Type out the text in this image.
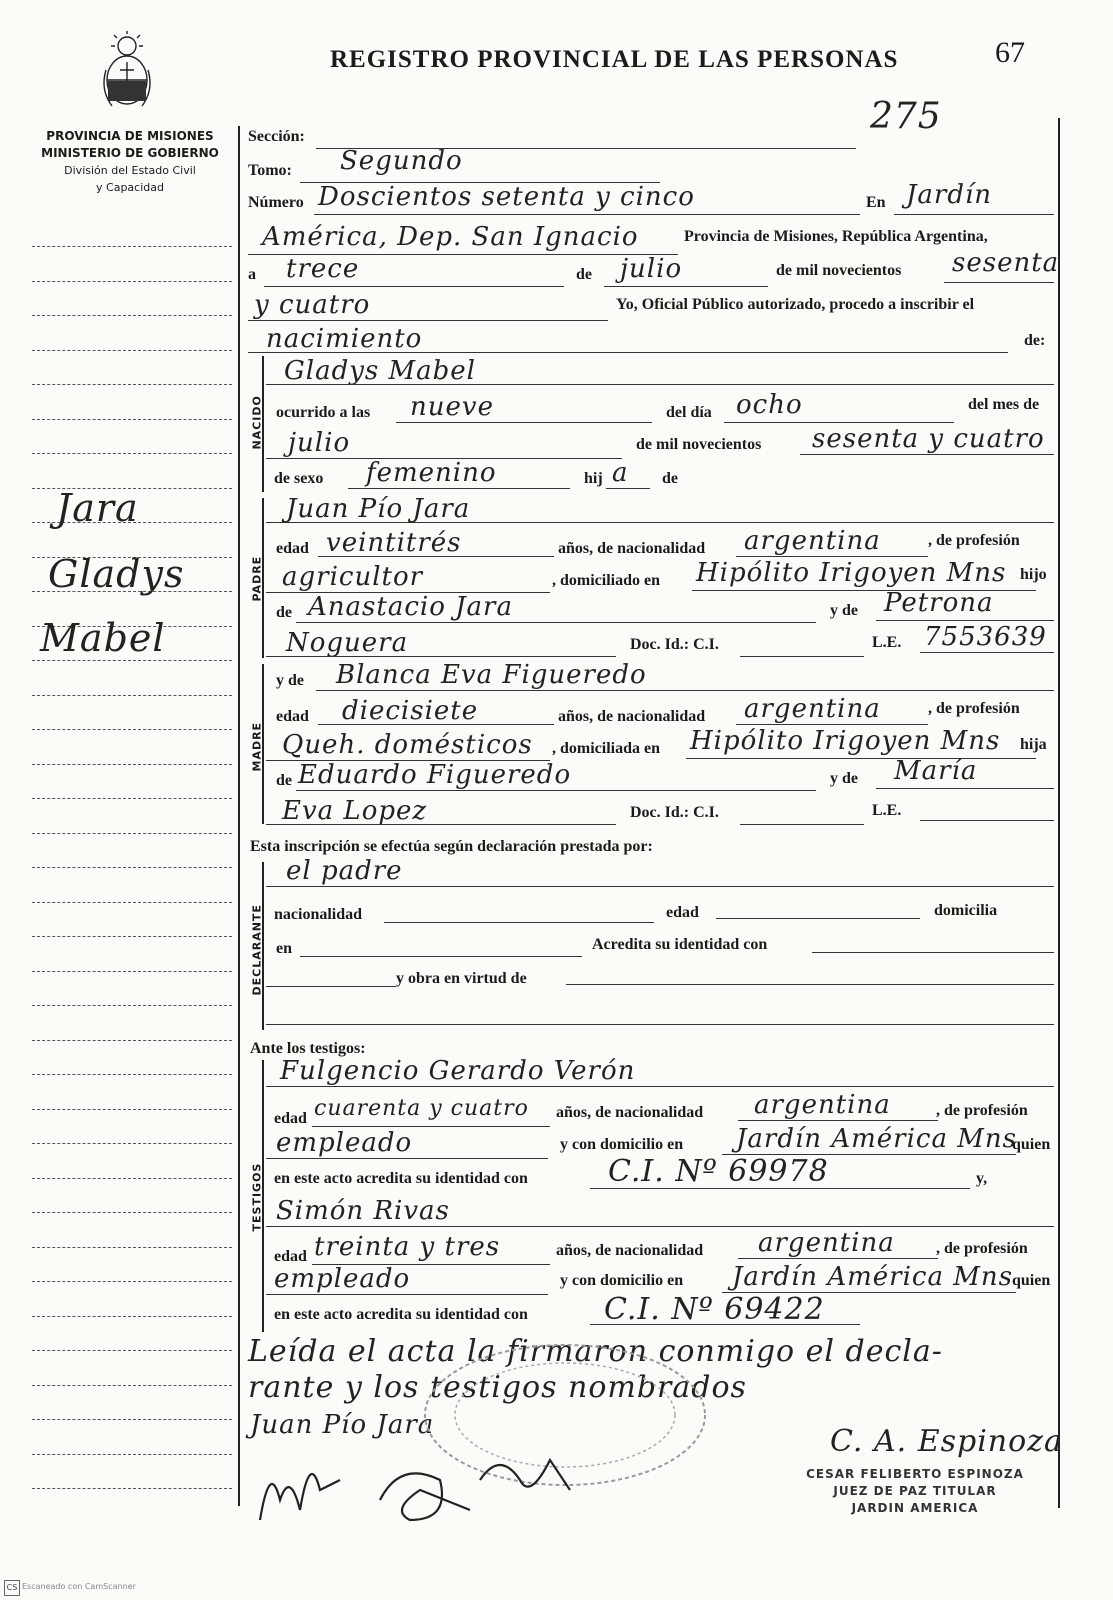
REGISTRO PROVINCIAL DE LAS PERSONAS	67
275
PROVINCIA DE MISIONES
MINISTERIO DE GOBIERNO
División del Estado Civil
y Capacidad
Jara
Gladys
Mabel
NACIDO
PADRE
MADRE
DECLARANTE
TESTIGOS
Sección:
Tomo: Segundo
Número Doscientos setenta y cinco	En Jardín
América, Dep. San Ignacio	Provincia de Misiones, República Argentina,
a trece	de julio	de mil novecientos sesenta
y cuatro	Yo, Oficial Público autorizado, procedo a inscribir el
nacimiento	de:
Gladys Mabel
ocurrido a las nueve	del día ocho	del mes de
julio	de mil novecientos sesenta y cuatro
de sexo femenino	hij a de
Juan Pío Jara
edad veintitrés	años, de nacionalidad argentina	, de profesión
agricultor	, domiciliado en Hipólito Irigoyen Mns hijo
de Anastacio Jara	y de Petrona
Noguera	Doc. Id.: C.I.	L.E. 7553639
y de Blanca Eva Figueredo
edad diecisiete	años, de nacionalidad argentina	, de profesión
Queh. domésticos , domiciliada en Hipólito Irigoyen Mns hija
de Eduardo Figueredo	y de María
Eva Lopez	Doc. Id.: C.I.	L.E.
Esta inscripción se efectúa según declaración prestada por:
el padre
nacionalidad	edad	domicilia
en	Acredita su identidad con
y obra en virtud de
Ante los testigos:
Fulgencio Gerardo Verón
edad cuarenta y cuatro años, de nacionalidad argentina	, de profesión
empleado	y con domicilio en Jardín América Mns
quien
en este acto acredita su identidad con	C.I. Nº 69978	y,
Simón Rivas
edad treinta y tres	años, de nacionalidad argentina	, de profesión
empleado	y con domicilio en Jardín América Mns quien
en este acto acredita su identidad con	C.I. Nº 69422
Leída el acta la firmaron conmigo el decla-
rante y los testigos nombrados
Juan Pío Jara	C. A. Espinoza
CESAR FELIBERTO ESPINOZA
JUEZ DE PAZ TITULAR
JARDIN AMERICA
CS Escaneado con CamScanner
